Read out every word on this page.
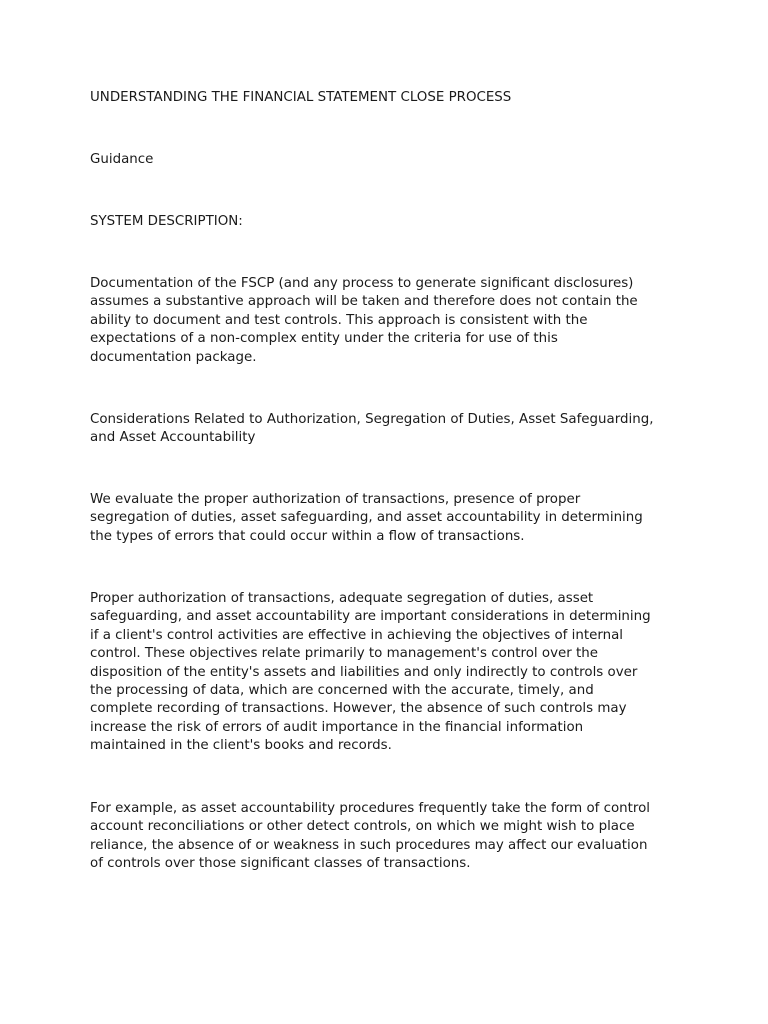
UNDERSTANDING THE FINANCIAL STATEMENT CLOSE PROCESS

Guidance

SYSTEM DESCRIPTION:

Documentation of the FSCP (and any process to generate significant disclosures)
assumes a substantive approach will be taken and therefore does not contain the
ability to document and test controls. This approach is consistent with the
expectations of a non-complex entity under the criteria for use of this
documentation package.

Considerations Related to Authorization, Segregation of Duties, Asset Safeguarding,
and Asset Accountability

We evaluate the proper authorization of transactions, presence of proper
segregation of duties, asset safeguarding, and asset accountability in determining
the types of errors that could occur within a flow of transactions.

Proper authorization of transactions, adequate segregation of duties, asset
safeguarding, and asset accountability are important considerations in determining
if a client's control activities are effective in achieving the objectives of internal
control. These objectives relate primarily to management's control over the
disposition of the entity's assets and liabilities and only indirectly to controls over
the processing of data, which are concerned with the accurate, timely, and
complete recording of transactions. However, the absence of such controls may
increase the risk of errors of audit importance in the financial information
maintained in the client's books and records.

For example, as asset accountability procedures frequently take the form of control
account reconciliations or other detect controls, on which we might wish to place
reliance, the absence of or weakness in such procedures may affect our evaluation
of controls over those significant classes of transactions.
